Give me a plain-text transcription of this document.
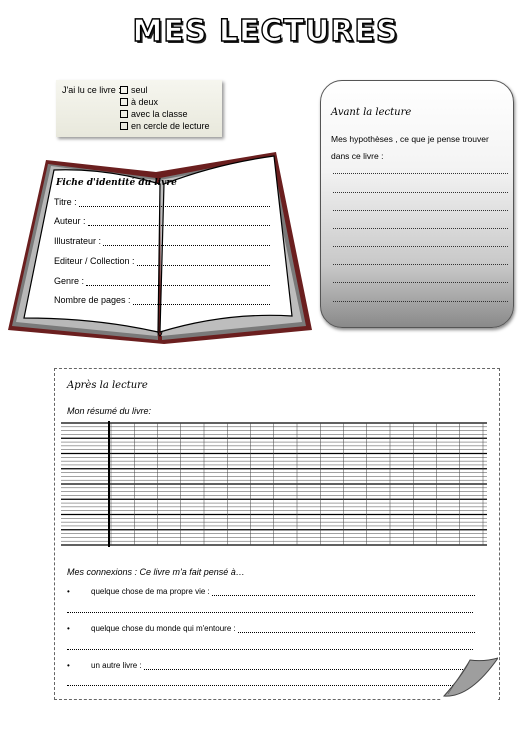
MES LECTURES
J'ai lu ce livre :	seul
à deux
avec la classe
en cercle de lecture
Fiche d'identité du livre
Titre :
Auteur :
Illustrateur :
Editeur / Collection :
Genre :
Nombre de pages :
Avant la lecture
Mes hypothèses , ce que je pense trouver dans ce livre :
Après la lecture
Mon résumé du livre:
Mes connexions : Ce livre m'a fait pensé à…
•	quelque chose de ma propre vie :
•	quelque chose du monde qui m'entoure :
•	un autre livre :
